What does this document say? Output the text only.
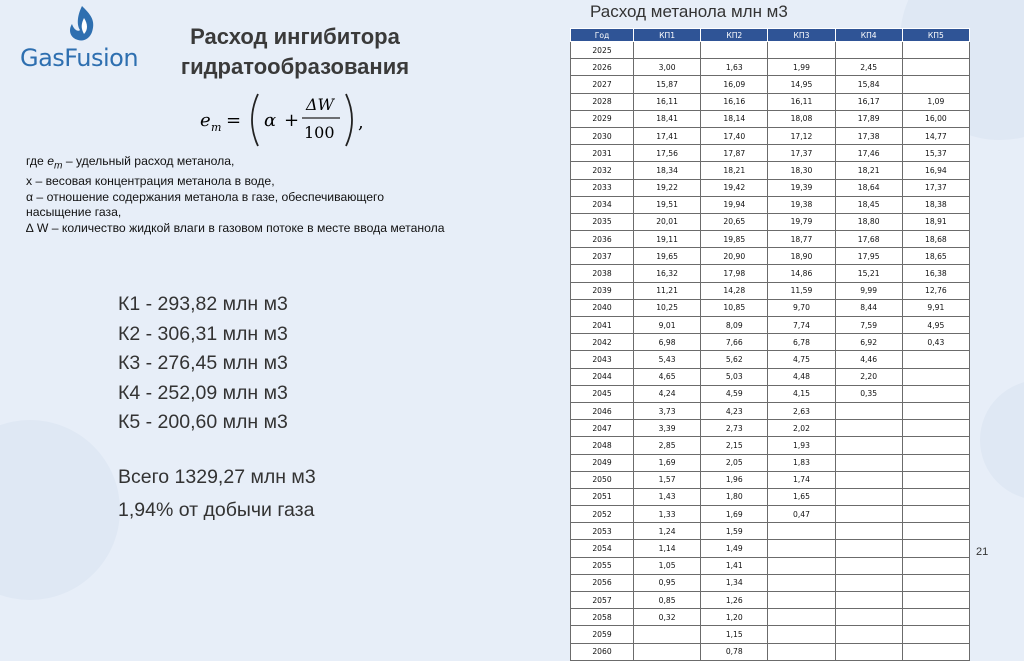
GasFusion
Расход ингибитора
гидратообразования
e m = α +
ΔW
100 ,
где $e_m$ – удельный расход метанола,
x – весовая концентрация метанола в воде,
α – отношение содержания метанола в газе, обеспечивающего
насыщение газа,
∆ W – количество жидкой влаги в газовом потоке в месте ввода метанола
К1 - 293,82 млн м3
К2 - 306,31 млн м3
К3 - 276,45 млн м3
К4 - 252,09 млн м3
К5 - 200,60 млн м3
Всего 1329,27 млн м3
1,94% от добычи газа
Расход метанола млн м3
Год	КП1	КП2	КП3	КП4	КП5
2025					
2026	3,00	1,63	1,99	2,45	
2027	15,87	16,09	14,95	15,84	
2028	16,11	16,16	16,11	16,17	1,09
2029	18,41	18,14	18,08	17,89	16,00
2030	17,41	17,40	17,12	17,38	14,77
2031	17,56	17,87	17,37	17,46	15,37
2032	18,34	18,21	18,30	18,21	16,94
2033	19,22	19,42	19,39	18,64	17,37
2034	19,51	19,94	19,38	18,45	18,38
2035	20,01	20,65	19,79	18,80	18,91
2036	19,11	19,85	18,77	17,68	18,68
2037	19,65	20,90	18,90	17,95	18,65
2038	16,32	17,98	14,86	15,21	16,38
2039	11,21	14,28	11,59	9,99	12,76
2040	10,25	10,85	9,70	8,44	9,91
2041	9,01	8,09	7,74	7,59	4,95
2042	6,98	7,66	6,78	6,92	0,43
2043	5,43	5,62	4,75	4,46	
2044	4,65	5,03	4,48	2,20	
2045	4,24	4,59	4,15	0,35	
2046	3,73	4,23	2,63		
2047	3,39	2,73	2,02		
2048	2,85	2,15	1,93		
2049	1,69	2,05	1,83		
2050	1,57	1,96	1,74		
2051	1,43	1,80	1,65		
2052	1,33	1,69	0,47		
2053	1,24	1,59			
2054	1,14	1,49			
2055	1,05	1,41			
2056	0,95	1,34			
2057	0,85	1,26			
2058	0,32	1,20			
2059		1,15			
2060		0,78			
21
